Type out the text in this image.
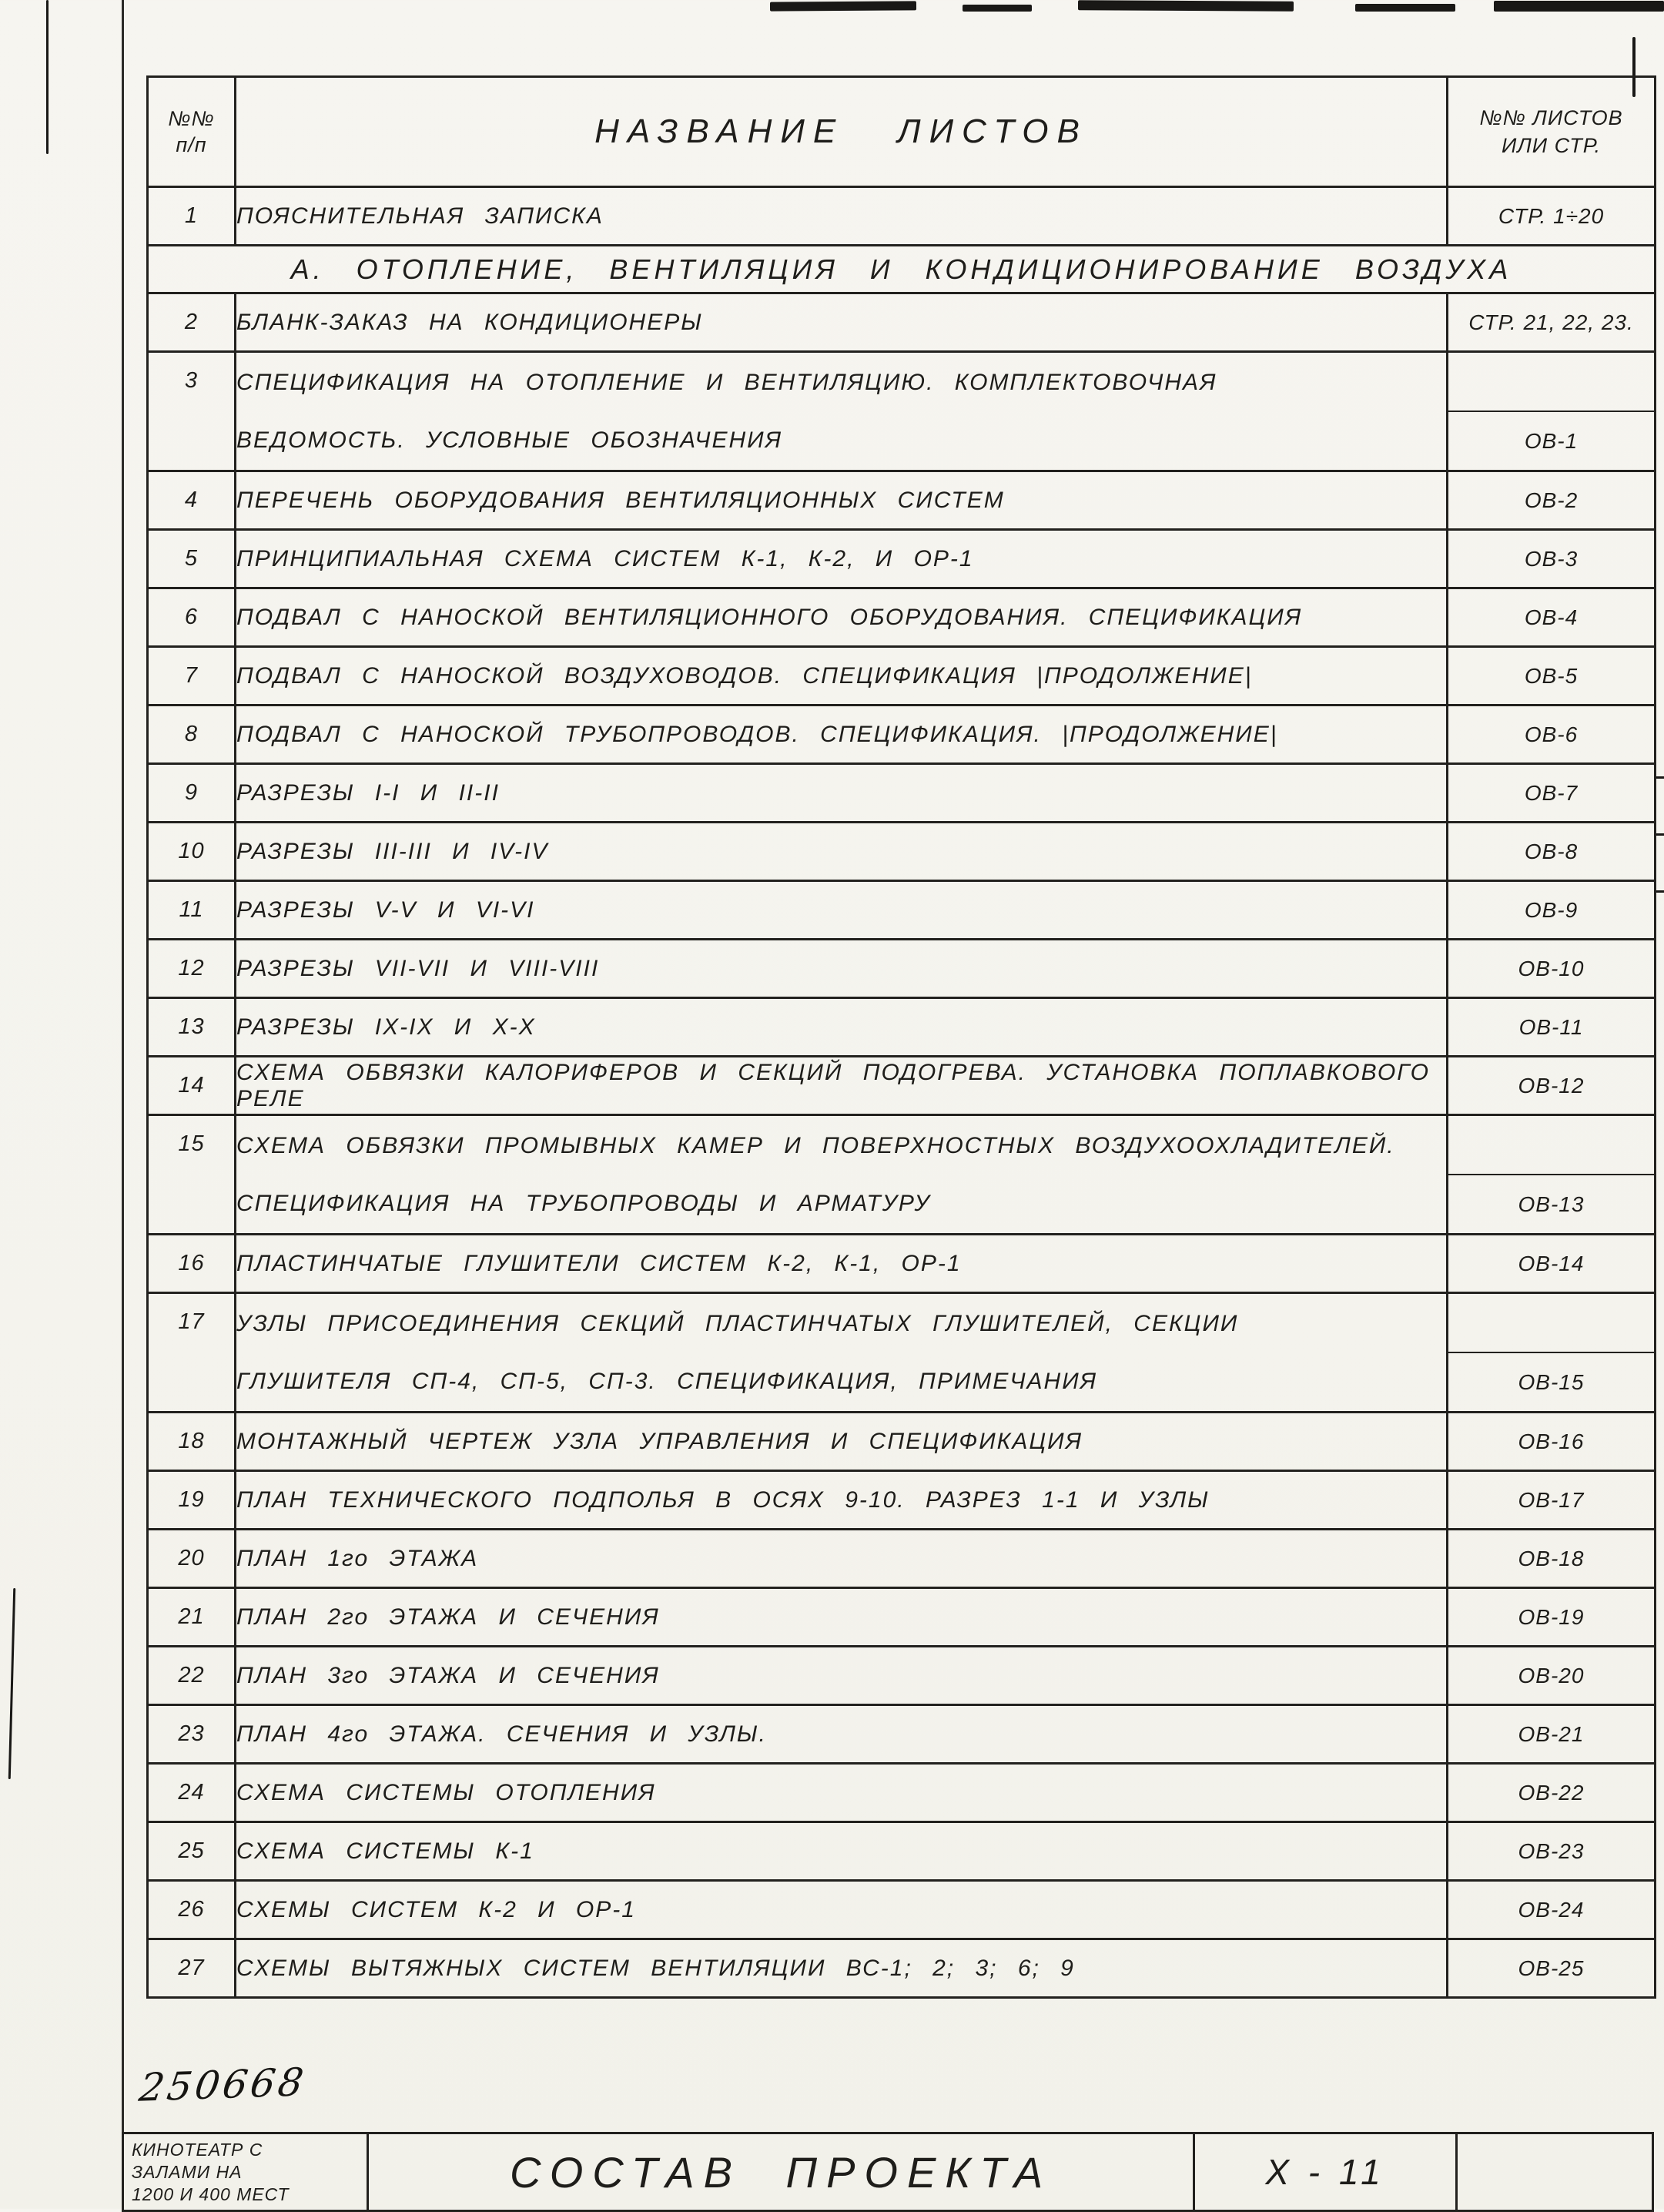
№№
п/п	НАЗВАНИЕ ЛИСТОВ	№№ ЛИСТОВ
ИЛИ СТР.

1	ПОЯСНИТЕЛЬНАЯ ЗАПИСКА	СТР. 1÷20
А. ОТОПЛЕНИЕ, ВЕНТИЛЯЦИЯ И КОНДИЦИОНИРОВАНИЕ ВОЗДУХА		
2	БЛАНК-ЗАКАЗ НА КОНДИЦИОНЕРЫ	СТР. 21, 22, 23.
3	СПЕЦИФИКАЦИЯ НА ОТОПЛЕНИЕ И ВЕНТИЛЯЦИЮ. КОМПЛЕКТОВОЧНАЯ
ВЕДОМОСТЬ. УСЛОВНЫЕ ОБОЗНАЧЕНИЯ	ОВ-1

4	ПЕРЕЧЕНЬ ОБОРУДОВАНИЯ ВЕНТИЛЯЦИОННЫХ СИСТЕМ	ОВ-2
5	ПРИНЦИПИАЛЬНАЯ СХЕМА СИСТЕМ К-1, К-2, И ОР-1	ОВ-3
6	ПОДВАЛ С НАНОСКОЙ ВЕНТИЛЯЦИОННОГО ОБОРУДОВАНИЯ. СПЕЦИФИКАЦИЯ	ОВ-4
7	ПОДВАЛ С НАНОСКОЙ ВОЗДУХОВОДОВ. СПЕЦИФИКАЦИЯ |ПРОДОЛЖЕНИЕ|	ОВ-5
8	ПОДВАЛ С НАНОСКОЙ ТРУБОПРОВОДОВ. СПЕЦИФИКАЦИЯ. |ПРОДОЛЖЕНИЕ|	ОВ-6
9	РАЗРЕЗЫ I-I И II-II	ОВ-7
10	РАЗРЕЗЫ III-III И IV-IV	ОВ-8
11	РАЗРЕЗЫ V-V И VI-VI	ОВ-9
12	РАЗРЕЗЫ VII-VII И VIII-VIII	ОВ-10
13	РАЗРЕЗЫ IX-IX И X-X	ОВ-11
14	СХЕМА ОБВЯЗКИ КАЛОРИФЕРОВ И СЕКЦИЙ ПОДОГРЕВА. УСТАНОВКА ПОПЛАВКОВОГО РЕЛЕ	ОВ-12
15	СХЕМА ОБВЯЗКИ ПРОМЫВНЫХ КАМЕР И ПОВЕРХНОСТНЫХ ВОЗДУХООХЛАДИТЕЛЕЙ.
СПЕЦИФИКАЦИЯ НА ТРУБОПРОВОДЫ И АРМАТУРУ	ОВ-13

16	ПЛАСТИНЧАТЫЕ ГЛУШИТЕЛИ СИСТЕМ К-2, К-1, ОР-1	ОВ-14
17	УЗЛЫ ПРИСОЕДИНЕНИЯ СЕКЦИЙ ПЛАСТИНЧАТЫХ ГЛУШИТЕЛЕЙ, СЕКЦИИ
ГЛУШИТЕЛЯ СП-4, СП-5, СП-3. СПЕЦИФИКАЦИЯ, ПРИМЕЧАНИЯ	ОВ-15

18	МОНТАЖНЫЙ ЧЕРТЕЖ УЗЛА УПРАВЛЕНИЯ И СПЕЦИФИКАЦИЯ	ОВ-16
19	ПЛАН ТЕХНИЧЕСКОГО ПОДПОЛЬЯ В ОСЯХ 9-10. РАЗРЕЗ 1-1 И УЗЛЫ	ОВ-17
20	ПЛАН 1го ЭТАЖА	ОВ-18
21	ПЛАН 2го ЭТАЖА И СЕЧЕНИЯ	ОВ-19
22	ПЛАН 3го ЭТАЖА И СЕЧЕНИЯ	ОВ-20
23	ПЛАН 4го ЭТАЖА. СЕЧЕНИЯ И УЗЛЫ.	ОВ-21
24	СХЕМА СИСТЕМЫ ОТОПЛЕНИЯ	ОВ-22
25	СХЕМА СИСТЕМЫ К-1	ОВ-23
26	СХЕМЫ СИСТЕМ К-2 И ОР-1	ОВ-24
27	СХЕМЫ ВЫТЯЖНЫХ СИСТЕМ ВЕНТИЛЯЦИИ ВС-1; 2; 3; 6; 9	ОВ-25
250668
КИНОТЕАТР С
ЗАЛАМИ НА
1200 И 400 МЕСТ	СОСТАВ ПРОЕКТА	Х - 11
